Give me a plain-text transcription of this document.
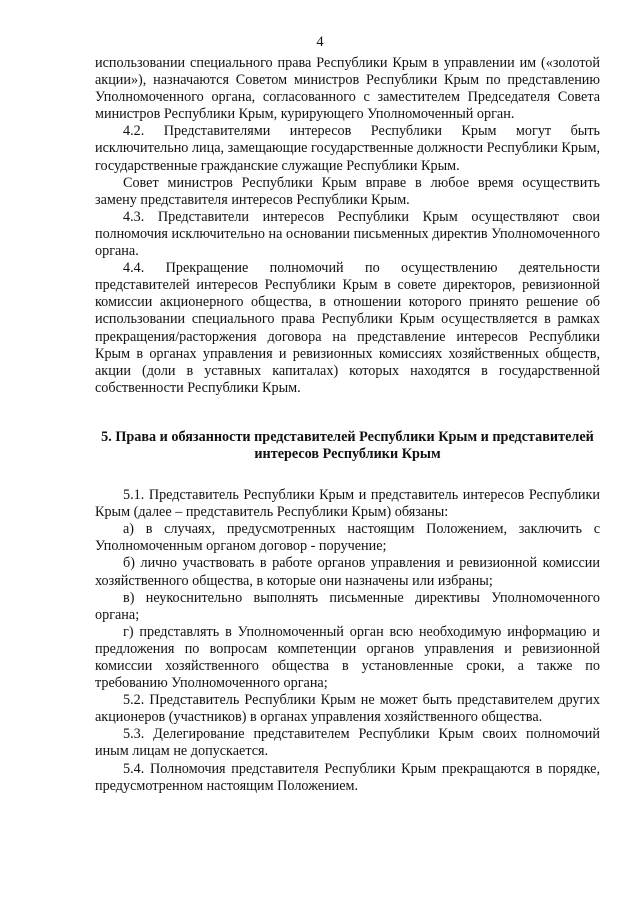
4

использовании специального права Республики Крым в управлении им («золотой акции»), назначаются Советом министров Республики Крым по представлению Уполномоченного органа, согласованного с заместителем Председателя Совета министров Республики Крым, курирующего Уполномоченный орган.

4.2. Представителями интересов Республики Крым могут быть исключительно лица, замещающие государственные должности Республики Крым, государственные гражданские служащие Республики Крым.

Совет министров Республики Крым вправе в любое время осуществить замену представителя интересов Республики Крым.

4.3. Представители интересов Республики Крым осуществляют свои полномочия исключительно на основании письменных директив Уполномоченного органа.

4.4. Прекращение полномочий по осуществлению деятельности представителей интересов Республики Крым в совете директоров, ревизионной комиссии акционерного общества, в отношении которого принято решение об использовании специального права Республики Крым осуществляется в рамках прекращения/расторжения договора на представление интересов Республики Крым в органах управления и ревизионных комиссиях хозяйственных обществ, акции (доли в уставных капиталах) которых находятся в государственной собственности Республики Крым.

5. Права и обязанности представителей Республики Крым и представителей интересов Республики Крым

5.1. Представитель Республики Крым и представитель интересов Республики Крым (далее – представитель Республики Крым) обязаны:

а) в случаях, предусмотренных настоящим Положением, заключить с Уполномоченным органом договор - поручение;

б) лично участвовать в работе органов управления и ревизионной комиссии хозяйственного общества, в которые они назначены или избраны;

в) неукоснительно выполнять письменные директивы Уполномоченного органа;

г) представлять в Уполномоченный орган всю необходимую информацию и предложения по вопросам компетенции органов управления и ревизионной комиссии хозяйственного общества в установленные сроки, а также по требованию Уполномоченного органа;

5.2. Представитель Республики Крым не может быть представителем других акционеров (участников) в органах управления хозяйственного общества.

5.3. Делегирование представителем Республики Крым своих полномочий иным лицам не допускается.

5.4. Полномочия представителя Республики Крым прекращаются в порядке, предусмотренном настоящим Положением.
